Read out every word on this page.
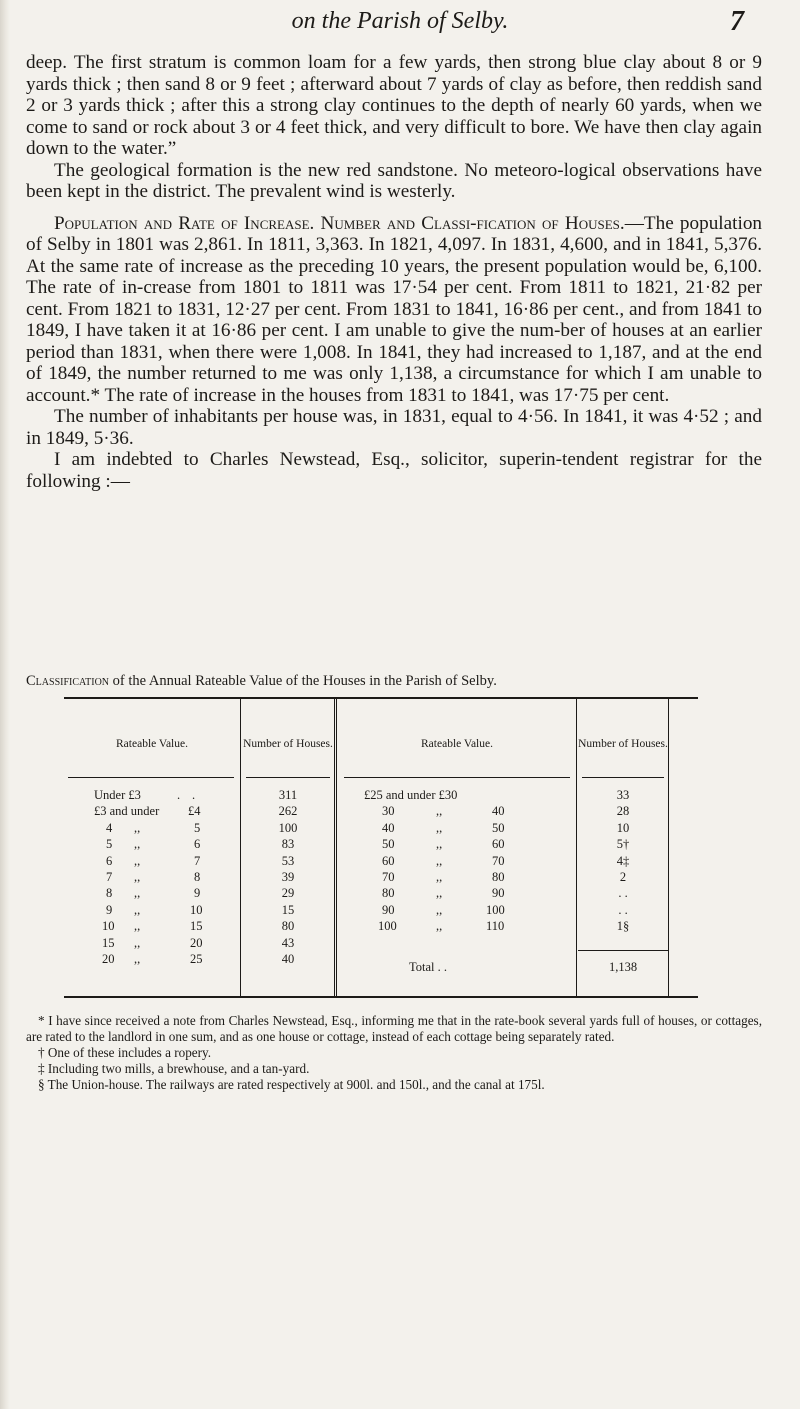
on the Parish of Selby.	7

deep. The first stratum is common loam for a few yards, then strong blue clay about 8 or 9 yards thick ; then sand 8 or 9 feet ; afterward about 7 yards of clay as before, then reddish sand 2 or 3 yards thick ; after this a strong clay continues to the depth of nearly 60 yards, when we come to sand or rock about 3 or 4 feet thick, and very difficult to bore. We have then clay again down to the water.”

The geological formation is the new red sandstone. No meteoro-logical observations have been kept in the district. The prevalent wind is westerly.

Population and Rate of Increase. Number and Classi-fication of Houses.—The population of Selby in 1801 was 2,861. In 1811, 3,363. In 1821, 4,097. In 1831, 4,600, and in 1841, 5,376. At the same rate of increase as the preceding 10 years, the present population would be, 6,100. The rate of in-crease from 1801 to 1811 was 17·54 per cent. From 1811 to 1821, 21·82 per cent. From 1821 to 1831, 12·27 per cent. From 1831 to 1841, 16·86 per cent., and from 1841 to 1849, I have taken it at 16·86 per cent. I am unable to give the num-ber of houses at an earlier period than 1831, when there were 1,008. In 1841, they had increased to 1,187, and at the end of 1849, the number returned to me was only 1,138, a circumstance for which I am unable to account.* The rate of increase in the houses from 1831 to 1841, was 17·75 per cent.

The number of inhabitants per house was, in 1831, equal to 4·56. In 1841, it was 4·52 ; and in 1849, 5·36.

I am indebted to Charles Newstead, Esq., solicitor, superin-tendent registrar for the following :—

Classification of the Annual Rateable Value of the Houses in the Parish of Selby.
Rateable Value.	Number of Houses.	Rateable Value.	Number of Houses.
Under £3	. .	311	£25 and under £30	33
£3 and under £4	262	30	,,	40	28
4 ,,	5	100	40	,,	50	10
5 ,,	6	83	50	,,	60	5†
6 ,,	7	53	60	,,	70	4‡
7 ,,	8	39	70	,,	80	2
8 ,,	9	29	80	,,	90	. .
9 ,,	10	15	90	,,	100	. .
10 ,,	15	80	100	,,	110	1§
15 ,,	20	43
20 ,,	25	40
Total . .	1,138

* I have since received a note from Charles Newstead, Esq., informing me that in the rate-book several yards full of houses, or cottages, are rated to the landlord in one sum, and as one house or cottage, instead of each cottage being separately rated.

† One of these includes a ropery.

‡ Including two mills, a brewhouse, and a tan-yard.

§ The Union-house. The railways are rated respectively at 900l. and 150l., and the canal at 175l.
